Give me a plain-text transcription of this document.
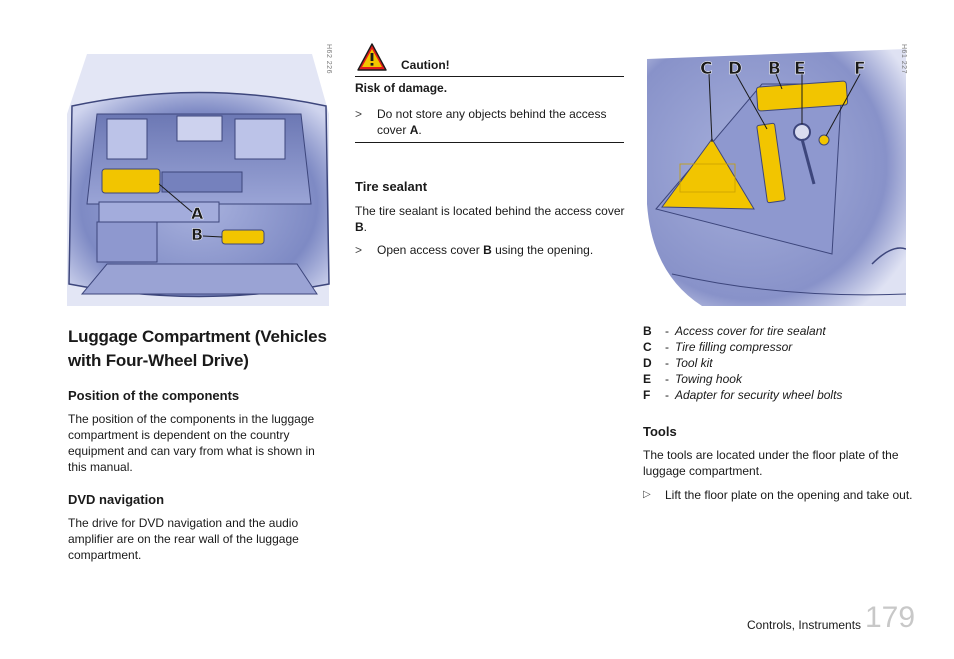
A
B
H62 226
Luggage Compartment (Vehicles with Four-Wheel Drive)
Position of the components

The position of the components in the luggage compartment is dependent on the country equipment and can vary from what is shown in this manual.

DVD navigation

The drive for DVD navigation and the audio amplifier are on the rear wall of the luggage compartment.

Caution!
Risk of damage.
>	Do not store any objects behind the access cover A.
Tire sealant

The tire sealant is located behind the access cover B.

>	Open access cover B using the opening.
C D B E	F	H61 227
B	- Access cover for tire sealant
C	- Tire filling compressor
D	- Tool kit
E	- Towing hook
F	- Adapter for security wheel bolts
Tools

The tools are located under the floor plate of the luggage compartment.

▷	Lift the floor plate on the opening and take out.
Controls, Instruments 179
